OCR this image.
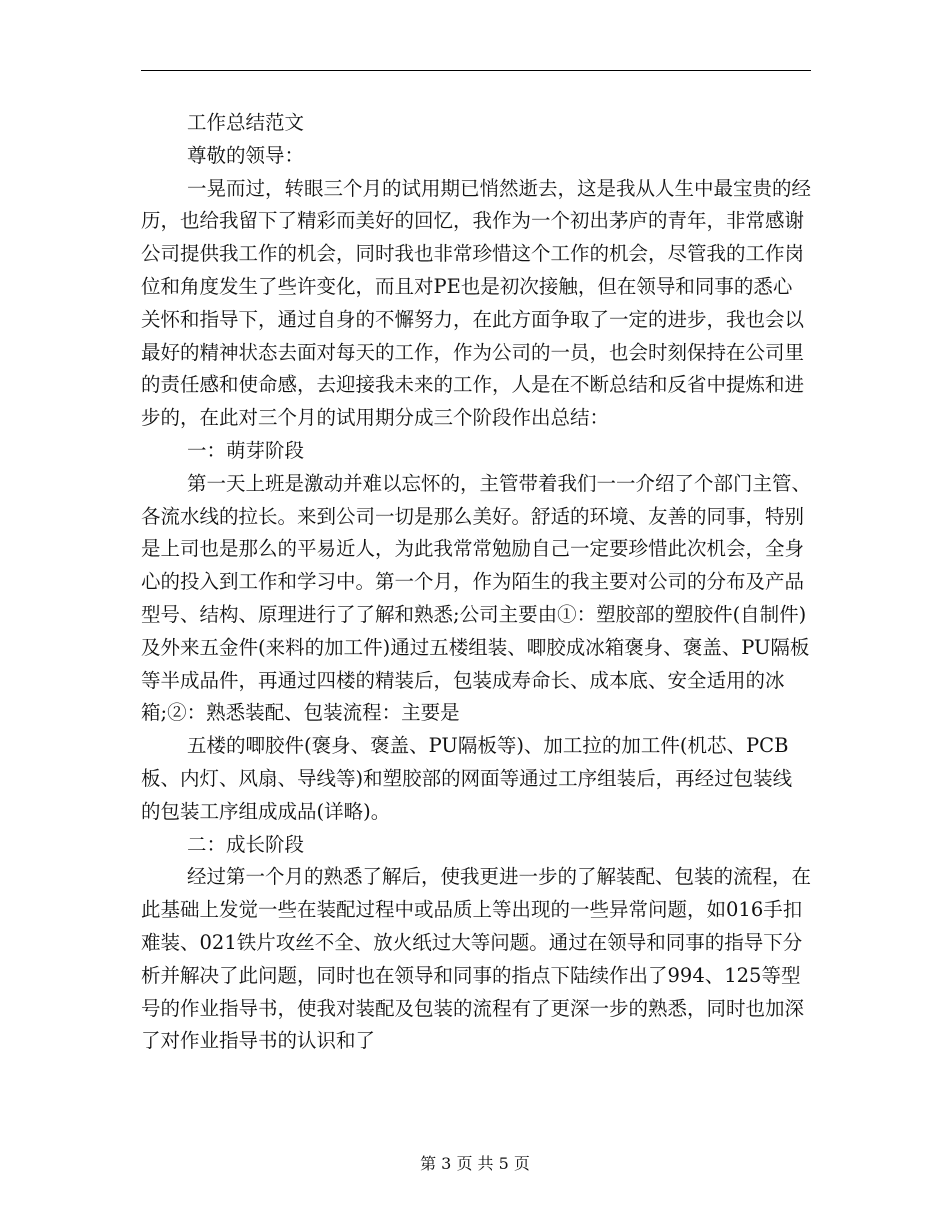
工作总结范文

尊敬的领导：

一晃而过，转眼三个月的试用期已悄然逝去，这是我从人生中最宝贵的经历，也给我留下了精彩而美好的回忆，我作为一个初出茅庐的青年，非常感谢公司提供我工作的机会，同时我也非常珍惜这个工作的机会，尽管我的工作岗位和角度发生了些许变化，而且对PE也是初次接触，但在领导和同事的悉心关怀和指导下，通过自身的不懈努力，在此方面争取了一定的进步，我也会以最好的精神状态去面对每天的工作，作为公司的一员，也会时刻保持在公司里的责任感和使命感，去迎接我未来的工作，人是在不断总结和反省中提炼和进步的，在此对三个月的试用期分成三个阶段作出总结：

一：萌芽阶段

第一天上班是激动并难以忘怀的，主管带着我们一一介绍了个部门主管、各流水线的拉长。来到公司一切是那么美好。舒适的环境、友善的同事，特别是上司也是那么的平易近人，为此我常常勉励自己一定要珍惜此次机会，全身心的投入到工作和学习中。第一个月，作为陌生的我主要对公司的分布及产品型号、结构、原理进行了了解和熟悉;公司主要由①：塑胶部的塑胶件(自制件)及外来五金件(来料的加工件)通过五楼组装、唧胶成冰箱褒身、褒盖、PU隔板等半成品件，再通过四楼的精装后，包装成寿命长、成本底、安全适用的冰箱;②：熟悉装配、包装流程：主要是

五楼的唧胶件(褒身、褒盖、PU隔板等)、加工拉的加工件(机芯、PCB板、内灯、风扇、导线等)和塑胶部的网面等通过工序组装后，再经过包装线的包装工序组成成品(详略)。

二：成长阶段

经过第一个月的熟悉了解后，使我更进一步的了解装配、包装的流程，在此基础上发觉一些在装配过程中或品质上等出现的一些异常问题，如016手扣难装、021铁片攻丝不全、放火纸过大等问题。通过在领导和同事的指导下分析并解决了此问题，同时也在领导和同事的指点下陆续作出了994、125等型号的作业指导书，使我对装配及包装的流程有了更深一步的熟悉，同时也加深了对作业指导书的认识和了

第 3 页 共 5 页
